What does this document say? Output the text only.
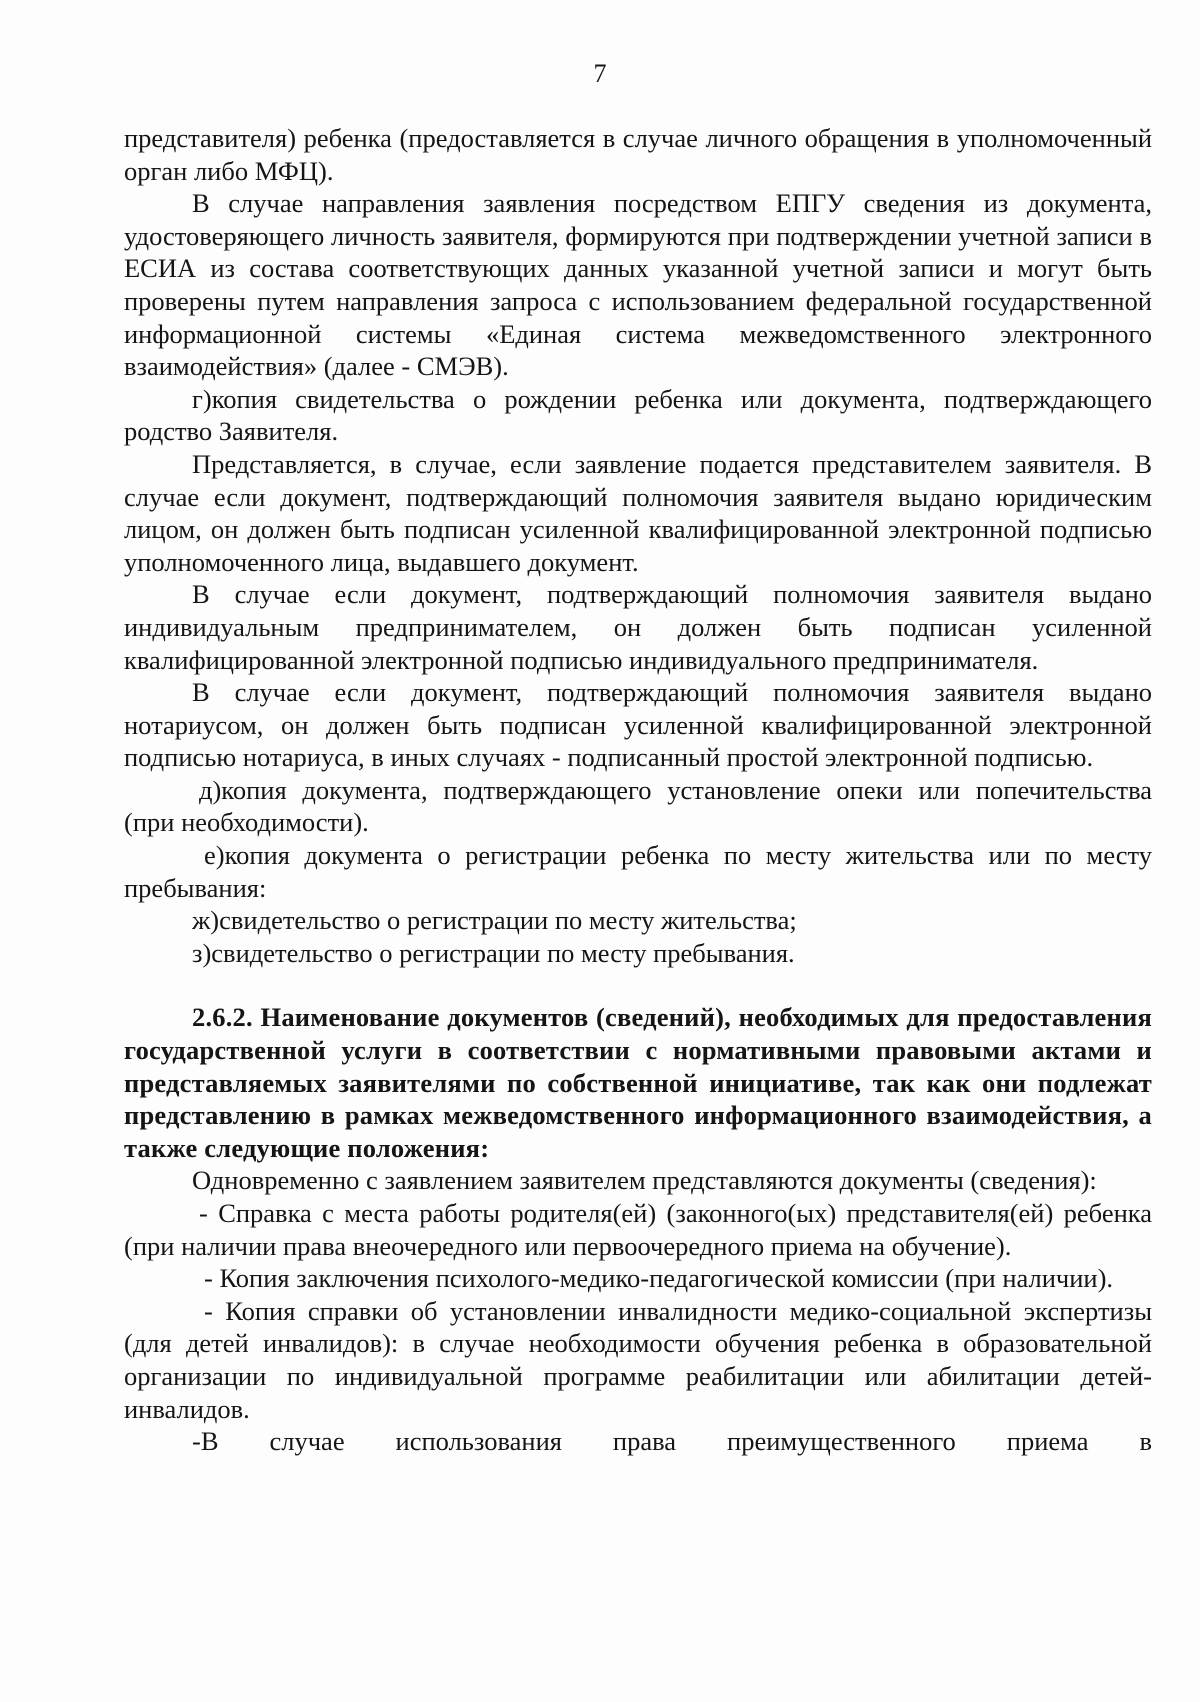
7

представителя) ребенка (предоставляется в случае личного обращения в уполномоченный орган либо МФЦ).

В случае направления заявления посредством ЕПГУ сведения из документа, удостоверяющего личность заявителя, формируются при подтверждении учетной записи в ЕСИА из состава соответствующих данных указанной учетной записи и могут быть проверены путем направления запроса с использованием федеральной государственной информационной системы «Единая система межведомственного электронного взаимодействия» (далее - СМЭВ).

г)копия свидетельства о рождении ребенка или документа, подтверждающего родство Заявителя.

Представляется, в случае, если заявление подается представителем заявителя. В случае если документ, подтверждающий полномочия заявителя выдано юридическим лицом, он должен быть подписан усиленной квалифицированной электронной подписью уполномоченного лица, выдавшего документ.

В случае если документ, подтверждающий полномочия заявителя выдано индивидуальным предпринимателем, он должен быть подписан усиленной квалифицированной электронной подписью индивидуального предпринимателя.

В случае если документ, подтверждающий полномочия заявителя выдано нотариусом, он должен быть подписан усиленной квалифицированной электронной подписью нотариуса, в иных случаях - подписанный простой электронной подписью.

д)копия документа, подтверждающего установление опеки или попечительства (при необходимости).

е)копия документа о регистрации ребенка по месту жительства или по месту пребывания:

ж)свидетельство о регистрации по месту жительства;

з)свидетельство о регистрации по месту пребывания.

2.6.2. Наименование документов (сведений), необходимых для предоставления государственной услуги в соответствии с нормативными правовыми актами и представляемых заявителями по собственной инициативе, так как они подлежат представлению в рамках межведомственного информационного взаимодействия, а также следующие положения:

Одновременно с заявлением заявителем представляются документы (сведения):

- Справка с места работы родителя(ей) (законного(ых) представителя(ей) ребенка (при наличии права внеочередного или первоочередного приема на обучение).

- Копия заключения психолого-медико-педагогической комиссии (при наличии).

- Копия справки об установлении инвалидности медико-социальной экспертизы (для детей инвалидов): в случае необходимости обучения ребенка в образовательной организации по индивидуальной программе реабилитации или абилитации детей-инвалидов.

-В случае использования права преимущественного приема в
